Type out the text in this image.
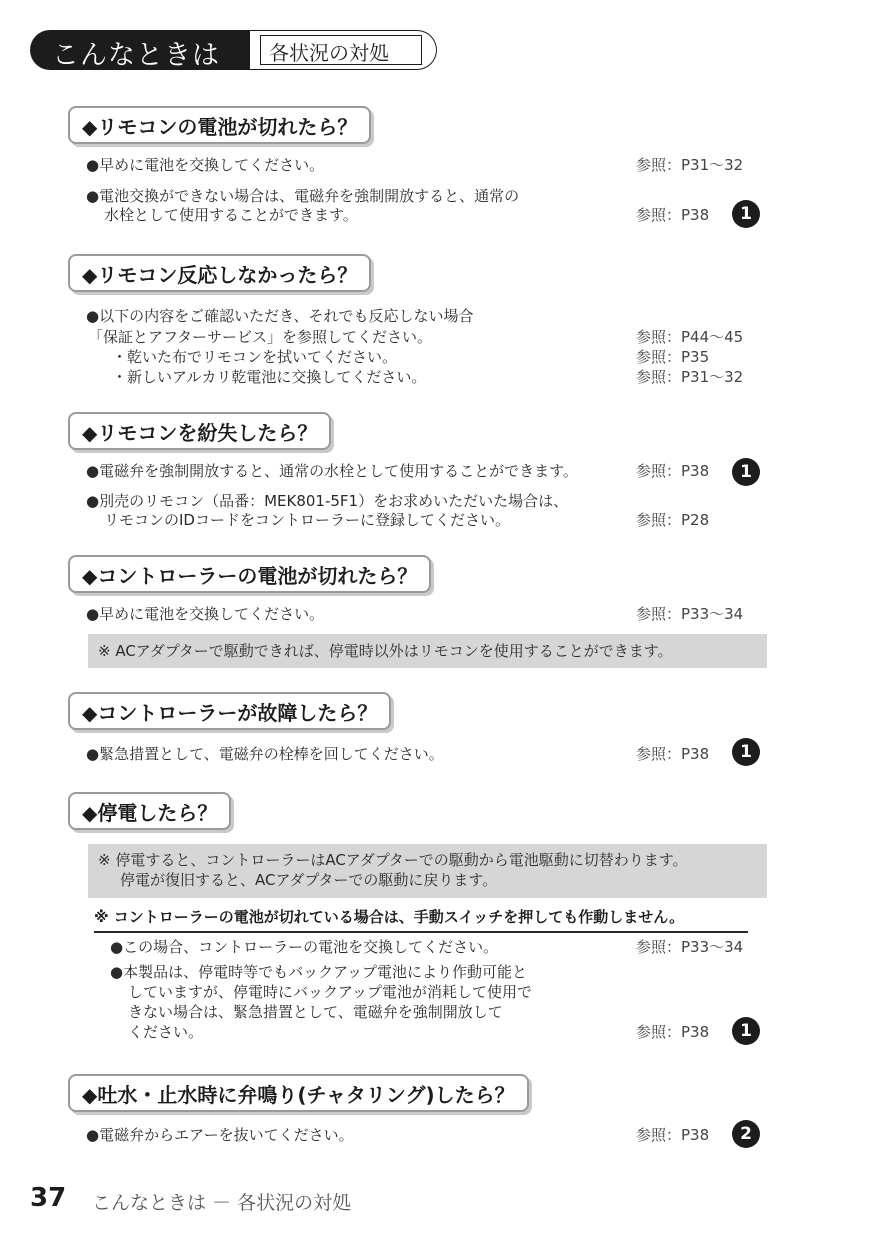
こんなときは 各状況の対処
◆リモコンの電池が切れたら？
●早めに電池を交換してください。	参照：P31〜32
●電池交換ができない場合は、電磁弁を強制開放すると、通常の
水栓として使用することができます。	参照：P38	1
◆リモコン反応しなかったら？
●以下の内容をご確認いただき、それでも反応しない場合
「保証とアフターサービス」を参照してください。	参照：P44〜45
・乾いた布でリモコンを拭いてください。	参照：P35
・新しいアルカリ乾電池に交換してください。	参照：P31〜32
◆リモコンを紛失したら？
●電磁弁を強制開放すると、通常の水栓として使用することができます。	参照：P38	1
●別売のリモコン（品番：MEK801-5F1）をお求めいただいた場合は、
リモコンのIDコードをコントローラーに登録してください。	参照：P28
◆コントローラーの電池が切れたら？
●早めに電池を交換してください。	参照：P33〜34
※ ACアダプターで駆動できれば、停電時以外はリモコンを使用することができます。
◆コントローラーが故障したら？
●緊急措置として、電磁弁の栓棒を回してください。	参照：P38	1
◆停電したら？
※ 停電すると、コントローラーはACアダプターでの駆動から電池駆動に切替わります。
停電が復旧すると、ACアダプターでの駆動に戻ります。
※ コントローラーの電池が切れている場合は、手動スイッチを押しても作動しません。
●この場合、コントローラーの電池を交換してください。	参照：P33〜34
●本製品は、停電時等でもバックアップ電池により作動可能と
していますが、停電時にバックアップ電池が消耗して使用で
きない場合は、緊急措置として、電磁弁を強制開放して
ください。	参照：P38	1
◆吐水・止水時に弁鳴り(チャタリング)したら？
●電磁弁からエアーを抜いてください。	参照：P38	2
37 こんなときは － 各状況の対処
